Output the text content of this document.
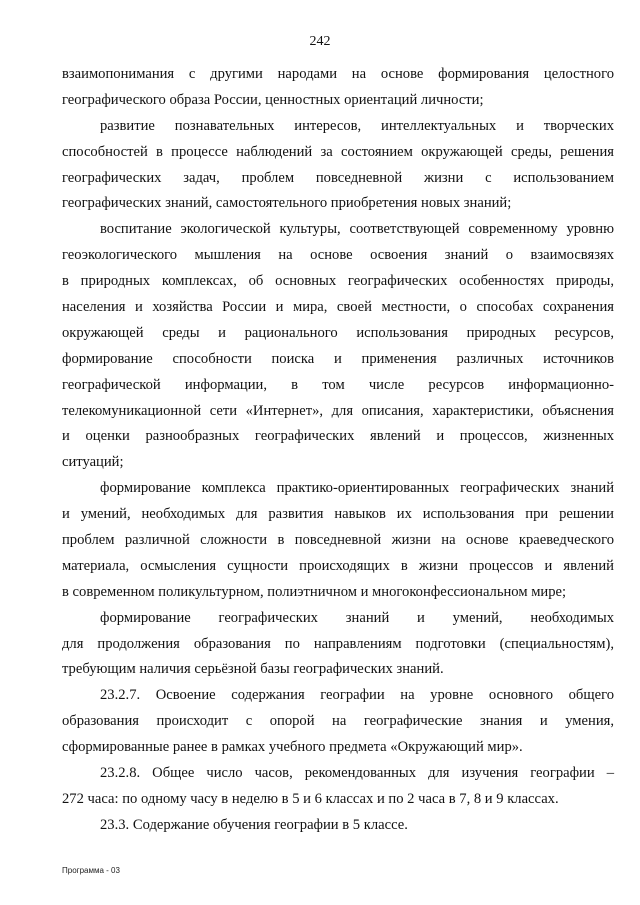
242
взаимопонимания с другими народами на основе формирования целостного
географического образа России, ценностных ориентаций личности;
развитие познавательных интересов, интеллектуальных и творческих
способностей в процессе наблюдений за состоянием окружающей среды, решения
географических задач, проблем повседневной жизни с использованием
географических знаний, самостоятельного приобретения новых знаний;
воспитание экологической культуры, соответствующей современному уровню
геоэкологического мышления на основе освоения знаний о взаимосвязях
в природных комплексах, об основных географических особенностях природы,
населения и хозяйства России и мира, своей местности, о способах сохранения
окружающей среды и рационального использования природных ресурсов,
формирование способности поиска и применения различных источников
географической информации, в том числе ресурсов информационно-
телекомуникационной сети «Интернет», для описания, характеристики, объяснения
и оценки разнообразных географических явлений и процессов, жизненных
ситуаций;
формирование комплекса практико-ориентированных географических знаний
и умений, необходимых для развития навыков их использования при решении
проблем различной сложности в повседневной жизни на основе краеведческого
материала, осмысления сущности происходящих в жизни процессов и явлений
в современном поликультурном, полиэтничном и многоконфессиональном мире;
формирование географических знаний и умений, необходимых
для продолжения образования по направлениям подготовки (специальностям),
требующим наличия серьёзной базы географических знаний.
23.2.7. Освоение содержания географии на уровне основного общего
образования происходит с опорой на географические знания и умения,
сформированные ранее в рамках учебного предмета «Окружающий мир».
23.2.8. Общее число часов, рекомендованных для изучения географии –
272 часа: по одному часу в неделю в 5 и 6 классах и по 2 часа в 7, 8 и 9 классах.
23.3. Содержание обучения географии в 5 классе.
Программа - 03
